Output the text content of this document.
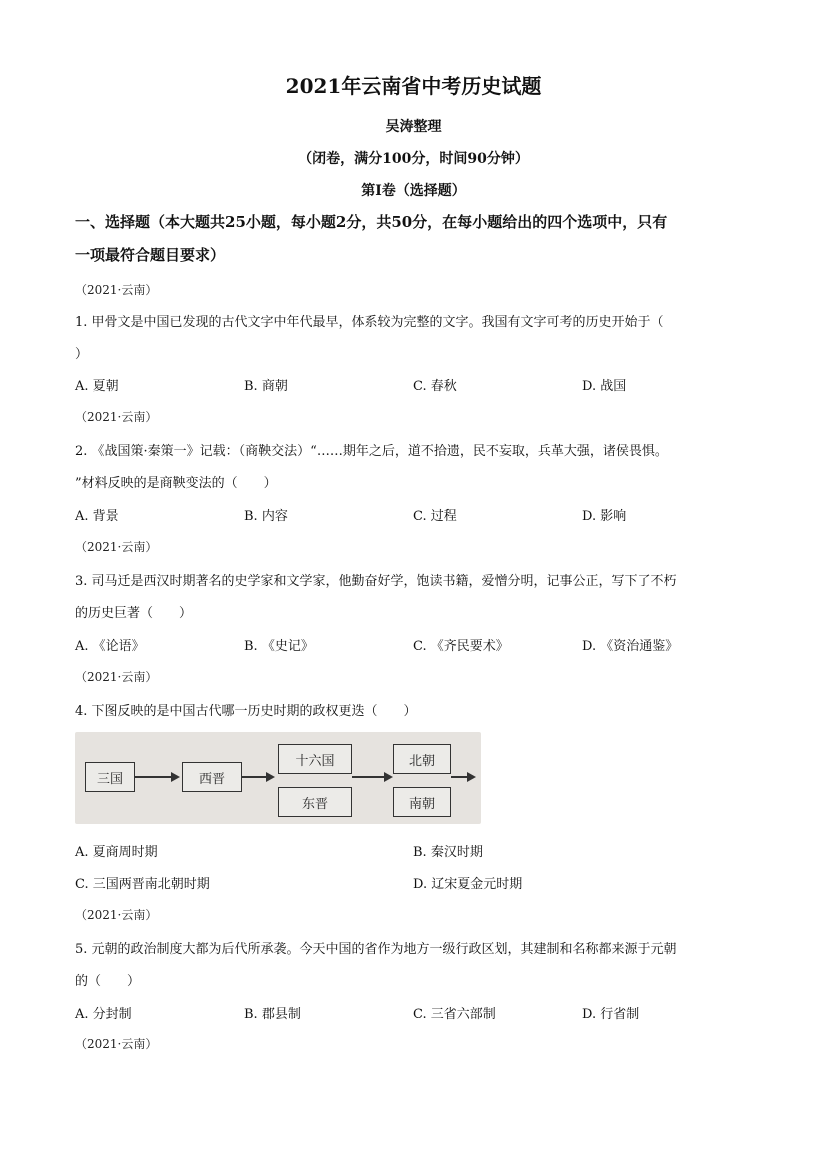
2021年云南省中考历史试题
吴涛整理
（闭卷，满分100分，时间90分钟）
第Ⅰ卷（选择题）
一、选择题（本大题共25小题，每小题2分，共50分，在每小题给出的四个选项中，只有
一项最符合题目要求）
（2021·云南）
1. 甲骨文是中国已发现的古代文字中年代最早，体系较为完整的文字。我国有文字可考的历史开始于（
）
A. 夏朝	B. 商朝	C. 春秋	D. 战国
（2021·云南）
2. 《战国策·秦策一》记载：（商鞅交法）“……期年之后，道不拾遗，民不妄取，兵革大强，诸侯畏惧。
”材料反映的是商鞅变法的（　　）
A. 背景	B. 内容	C. 过程	D. 影响
（2021·云南）
3. 司马迁是西汉时期著名的史学家和文学家，他勤奋好学，饱读书籍，爱憎分明，记事公正，写下了不朽
的历史巨著（　　）
A. 《论语》	B. 《史记》	C. 《齐民要术》	D. 《资治通鉴》
（2021·云南）
4. 下图反映的是中国古代哪一历史时期的政权更迭（　　）
三国	西晋
十六国
东晋
北朝
南朝
A. 夏商周时期	B. 秦汉时期
C. 三国两晋南北朝时期	D. 辽宋夏金元时期
（2021·云南）
5. 元朝的政治制度大都为后代所承袭。今天中国的省作为地方一级行政区划，其建制和名称都来源于元朝
的（　　）
A. 分封制	B. 郡县制	C. 三省六部制	D. 行省制
（2021·云南）
